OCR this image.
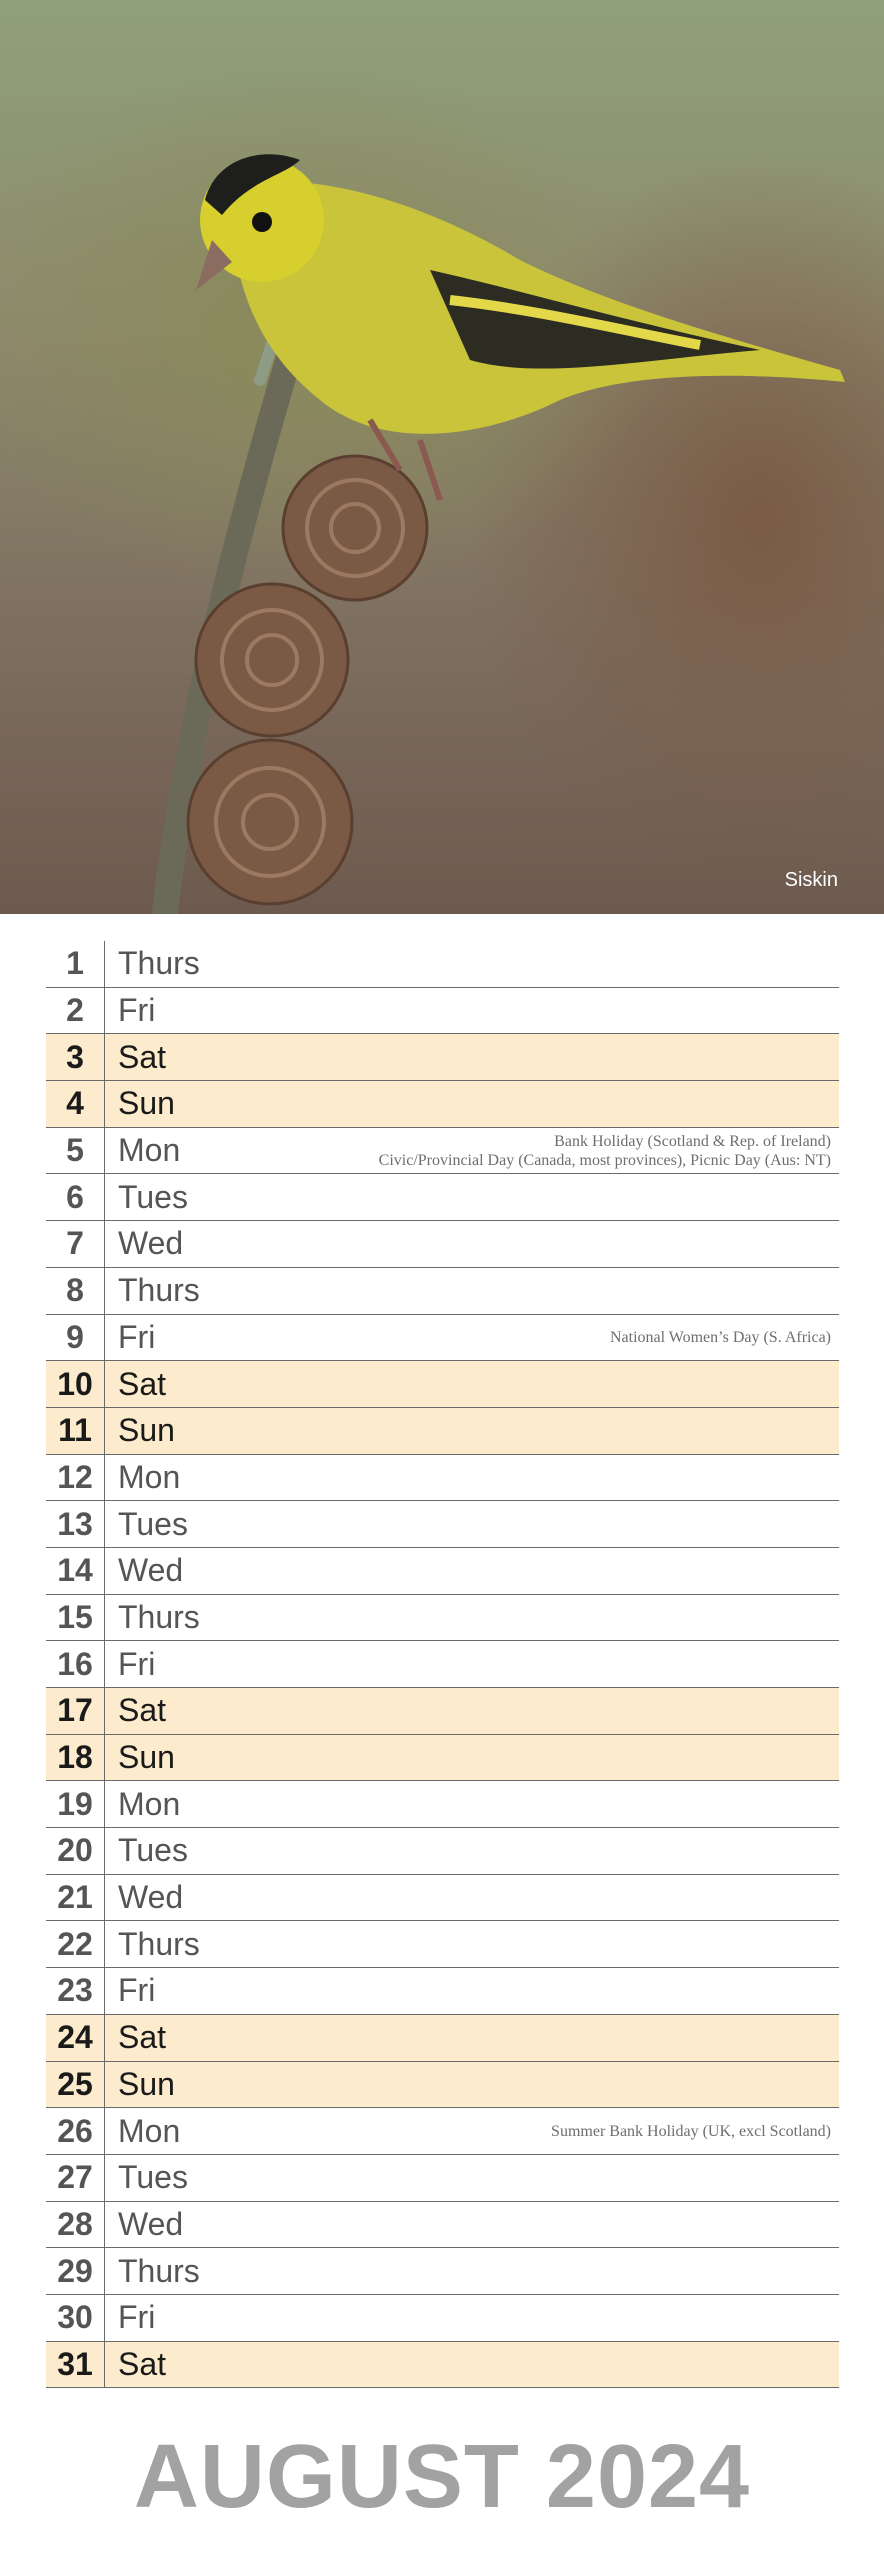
Siskin
1	Thurs
2	Fri
3	Sat
4	Sun
5	Mon	Bank Holiday (Scotland & Rep. of Ireland)
Civic/Provincial Day (Canada, most provinces), Picnic Day (Aus: NT)
6	Tues
7	Wed
8	Thurs
9	Fri	National Women’s Day (S. Africa)
10 Sat
11 Sun
12 Mon
13 Tues
14 Wed
15 Thurs
16 Fri
17 Sat
18 Sun
19 Mon
20 Tues
21 Wed
22 Thurs
23 Fri
24 Sat
25 Sun
26 Mon	Summer Bank Holiday (UK, excl Scotland)
27 Tues
28 Wed
29 Thurs
30 Fri
31 Sat
AUGUST 2024
